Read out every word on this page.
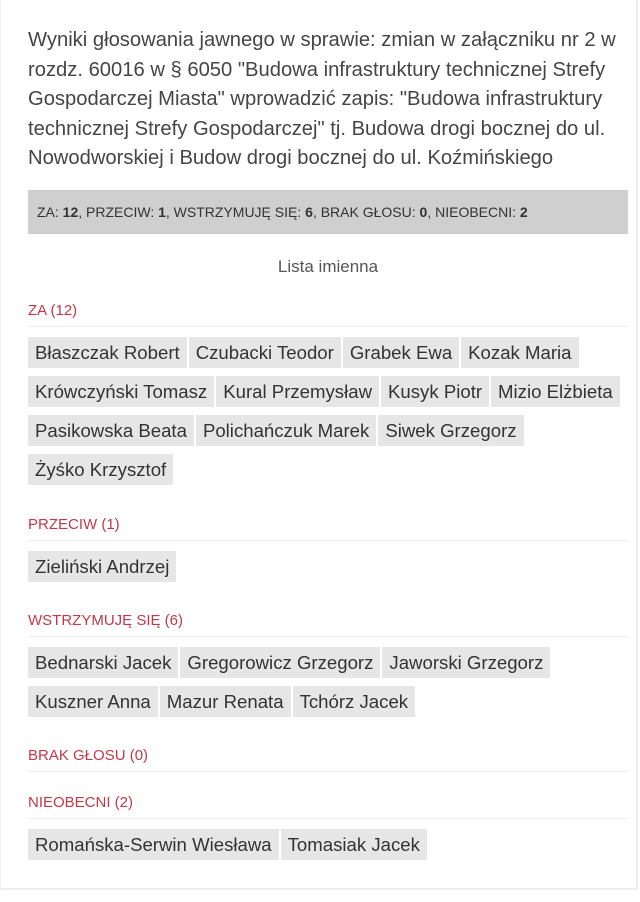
Wyniki głosowania jawnego w sprawie: zmian w załączniku nr 2 w rozdz. 60016 w § 6050 "Budowa infrastruktury technicznej Strefy Gospodarczej Miasta" wprowadzić zapis: "Budowa infrastruktury technicznej Strefy Gospodarczej" tj. Budowa drogi bocznej do ul. Nowodworskiej i Budow drogi bocznej do ul. Koźmińskiego

ZA: 12, PRZECIW: 1, WSTRZYMUJĘ SIĘ: 6, BRAK GŁOSU: 0, NIEOBECNI: 2
Lista imienna
ZA (12)
Błaszczak Robert Czubacki Teodor Grabek Ewa Kozak MariaKrówczyński Tomasz Kural Przemysław Kusyk Piotr Mizio ElżbietaPasikowska Beata Polichańczuk Marek Siwek GrzegorzŻyśko Krzysztof
PRZECIW (1)
Zieliński Andrzej
WSTRZYMUJĘ SIĘ (6)
Bednarski Jacek Gregorowicz Grzegorz Jaworski GrzegorzKuszner Anna Mazur Renata Tchórz Jacek
BRAK GŁOSU (0)
NIEOBECNI (2)
Romańska-Serwin Wiesława Tomasiak Jacek
